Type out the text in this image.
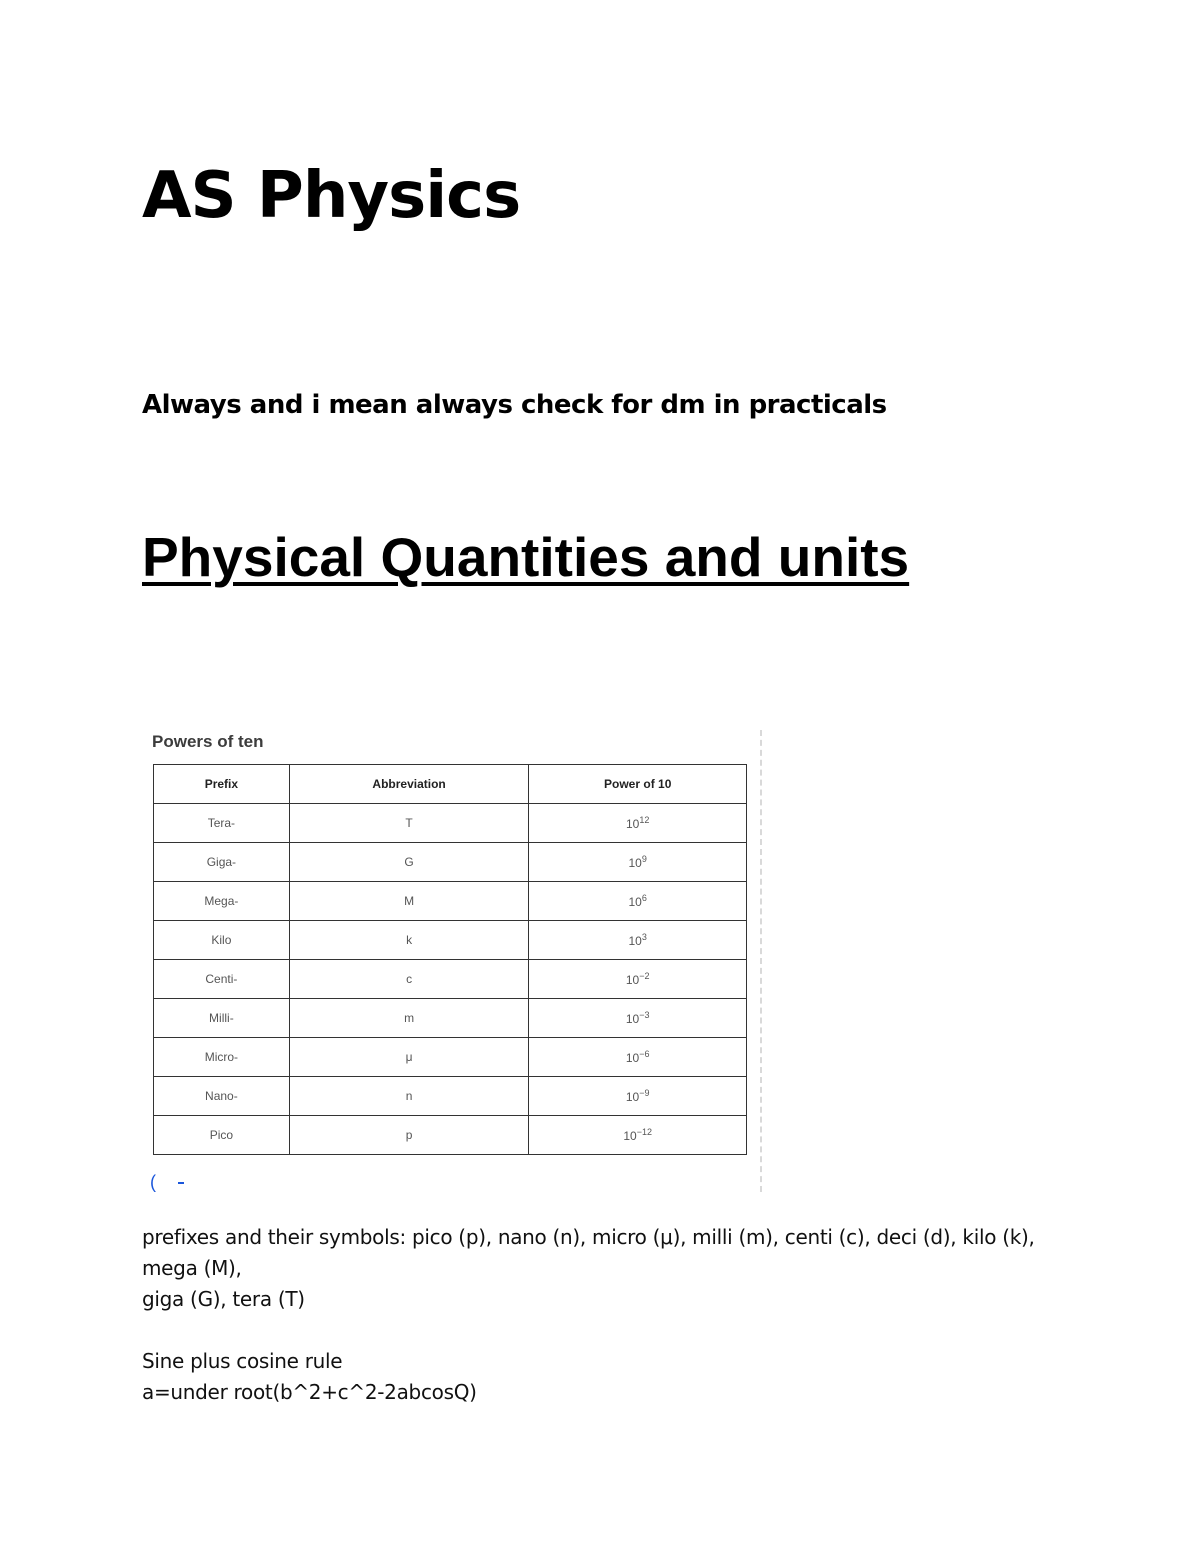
AS Physics
Always and i mean always check for dm in practicals
Physical Quantities and units
Powers of ten
Prefix	Abbreviation	Power of 10
Tera-	T	$10^{12}$
Giga-	G	$10^9$
Mega-	M	$10^6$
Kilo	k	$10^3$
Centi-	c	$10^{-2}$
Milli-	m	$10^{-3}$
Micro-	μ	$10^{-6}$
Nano-	n	$10^{-9}$
Pico	p	$10^{-12}$
(

prefixes and their symbols: pico (p), nano (n), micro (μ), milli (m), centi (c), deci (d), kilo (k), mega (M),

giga (G), tera (T)

Sine plus cosine rule

a=under root(b^2+c^2-2abcosQ)
